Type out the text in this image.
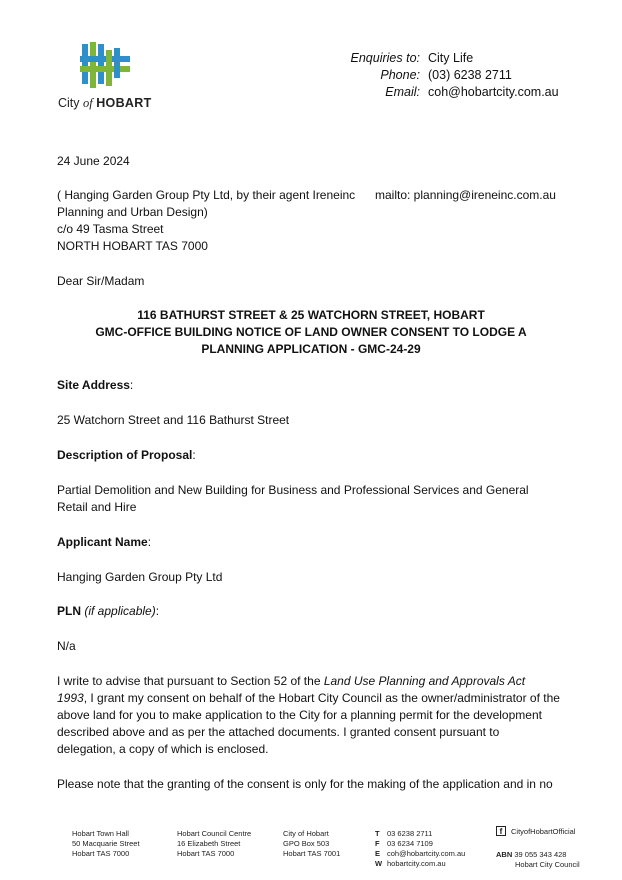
City of HOBART
Enquiries to: City Life
Phone: (03) 6238 2711
Email: coh@hobartcity.com.au
24 June 2024
( Hanging Garden Group Pty Ltd, by their agent Ireneinc mailto: planning@ireneinc.com.au
Planning and Urban Design)
c/o 49 Tasma Street
NORTH HOBART TAS 7000
Dear Sir/Madam
116 BATHURST STREET & 25 WATCHORN STREET, HOBART
GMC-OFFICE BUILDING NOTICE OF LAND OWNER CONSENT TO LODGE A
PLANNING APPLICATION - GMC-24-29
Site Address:
25 Watchorn Street and 116 Bathurst Street
Description of Proposal:
Partial Demolition and New Building for Business and Professional Services and General
Retail and Hire
Applicant Name:
Hanging Garden Group Pty Ltd
PLN (if applicable):
N/a
I write to advise that pursuant to Section 52 of the Land Use Planning and Approvals Act
1993, I grant my consent on behalf of the Hobart City Council as the owner/administrator of the
above land for you to make application to the City for a planning permit for the development
described above and as per the attached documents. I granted consent pursuant to
delegation, a copy of which is enclosed.
Please note that the granting of the consent is only for the making of the application and in no
Hobart Town Hall
50 Macquarie Street
Hobart TAS 7000
Hobart Council Centre
16 Elizabeth Street
Hobart TAS 7000
City of Hobart
GPO Box 503
Hobart TAS 7001
T 03 6238 2711
F 03 6234 7109
E coh@hobartcity.com.au
W hobartcity.com.au
f	CityofHobartOfficial
ABN 39 055 343 428
Hobart City Council
